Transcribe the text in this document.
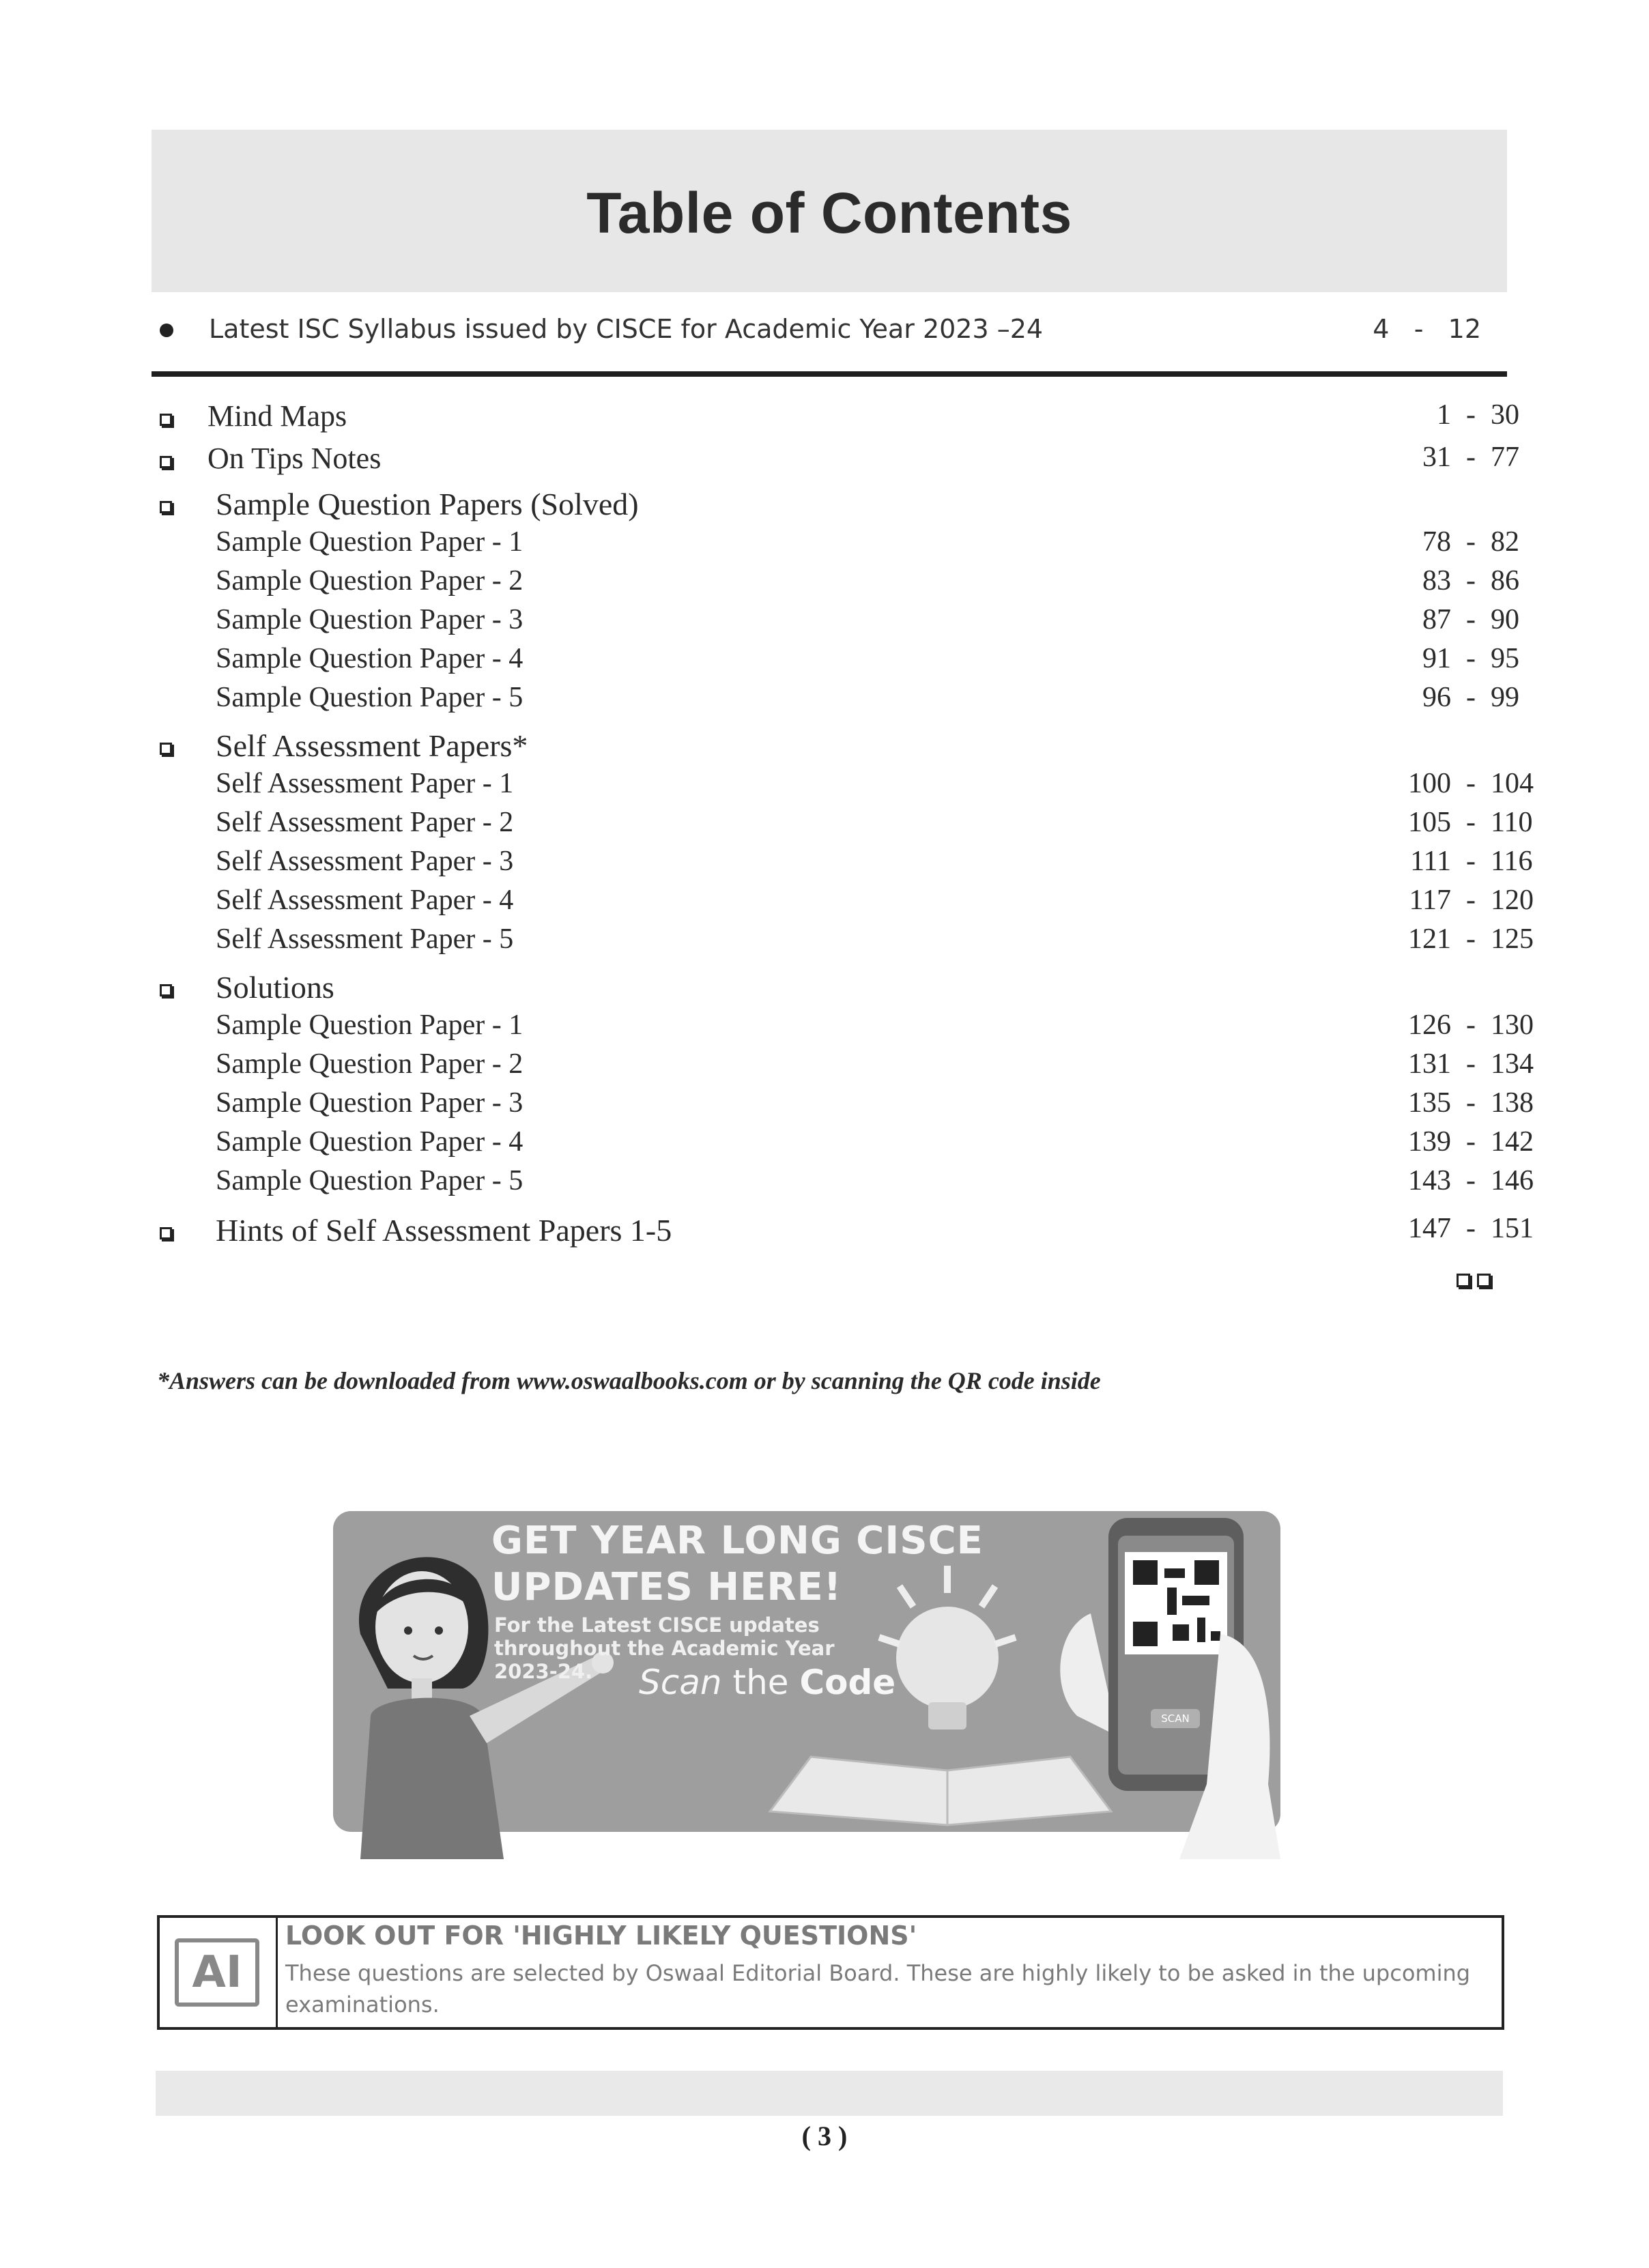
Table of Contents
Latest ISC Syllabus issued by CISCE for Academic Year 2023 –24	4   -   12
Mind Maps	1 - 30
On Tips Notes	31 - 77
Sample Question Papers (Solved)
Sample Question Paper - 1	78 - 82
Sample Question Paper - 2	83 - 86
Sample Question Paper - 3	87 - 90
Sample Question Paper - 4	91 - 95
Sample Question Paper - 5	96 - 99
Self Assessment Papers*
Self Assessment Paper - 1	100 - 104
Self Assessment Paper - 2	105 - 110
Self Assessment Paper - 3	111 - 116
Self Assessment Paper - 4	117 - 120
Self Assessment Paper - 5	121 - 125
Solutions
Sample Question Paper - 1	126 - 130
Sample Question Paper - 2	131 - 134
Sample Question Paper - 3	135 - 138
Sample Question Paper - 4	139 - 142
Sample Question Paper - 5	143 - 146
Hints of Self Assessment Papers 1-5	147 - 151
*Answers can be downloaded from www.oswaalbooks.com or by scanning the QR code inside
GET YEAR LONG CISCE
UPDATES HERE!
For the Latest CISCE updates
throughout the Academic Year
2023-24.	Scan the Code
SCAN
AI
LOOK OUT FOR 'HIGHLY LIKELY QUESTIONS'
These questions are selected by Oswaal Editorial Board. These are highly likely to be asked in the upcoming examinations.
( 3 )
